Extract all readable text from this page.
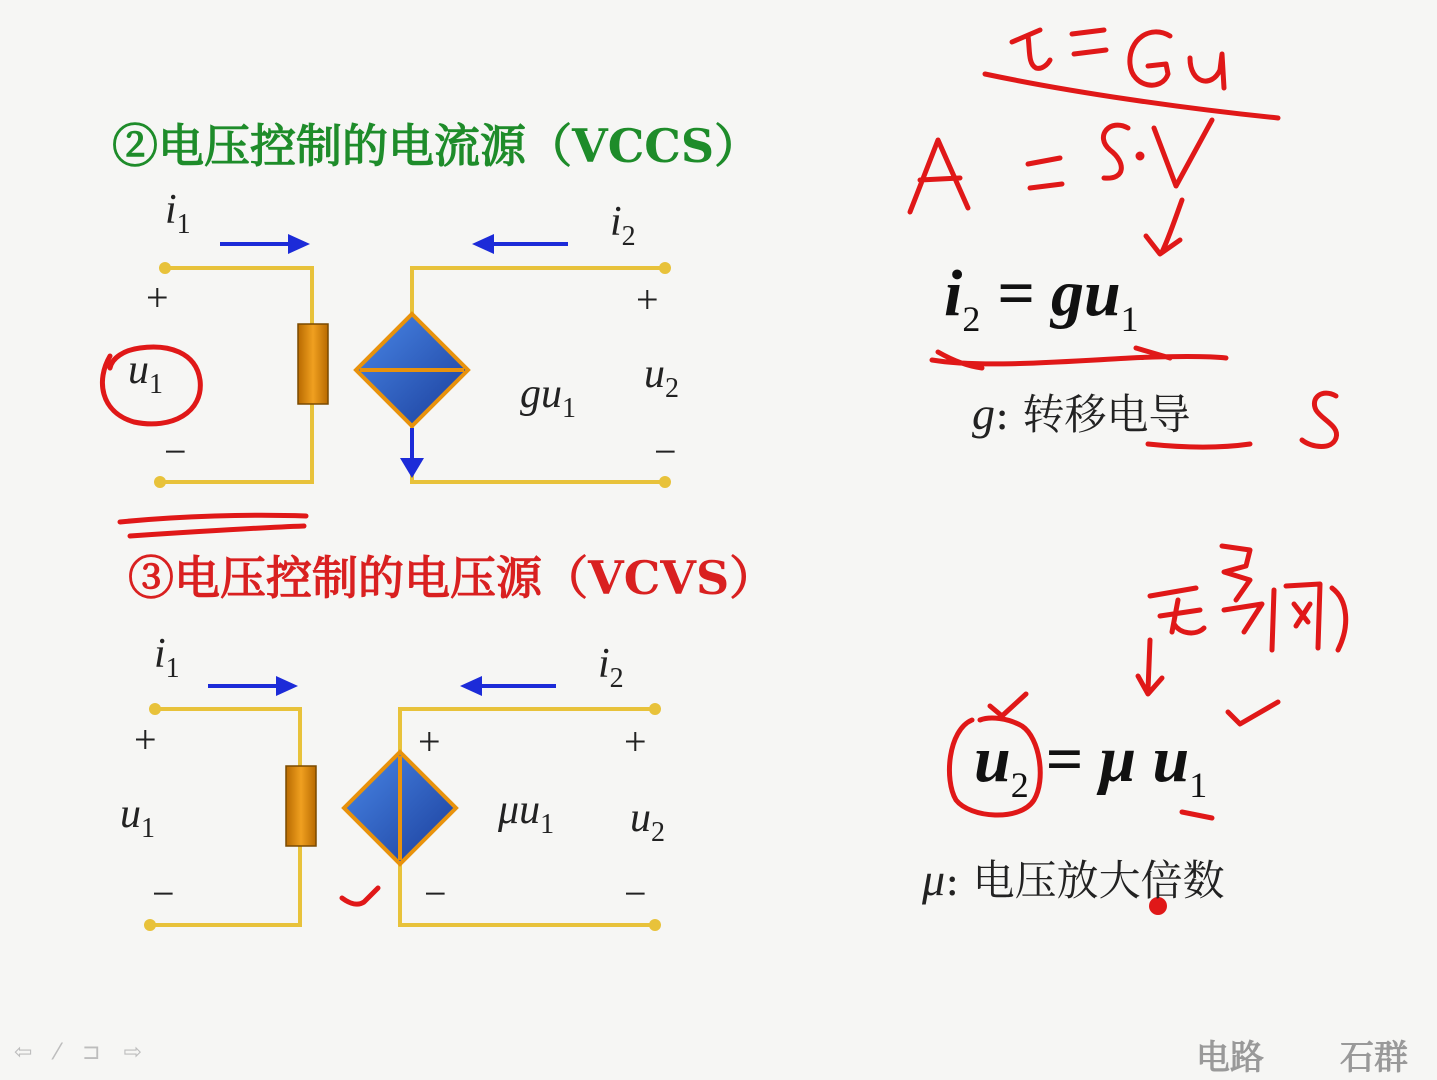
②电压控制的电流源（VCCS）
③电压控制的电压源（VCVS）
$i_1$	$i_2$
+	+
$u_1$	$u_2$
$gu_1$
−	−
$i_1$	$i_2$
+	+	+
$u_1$	$\mu u_1$ $u_2$
−	−	−
$i_2 = gu_1$
g: 转移电导
$u_2 = \mu$ $u_1$
μ: 电压放大倍数
⇦ ⁄ ⊐ ⇨	电路 石群
